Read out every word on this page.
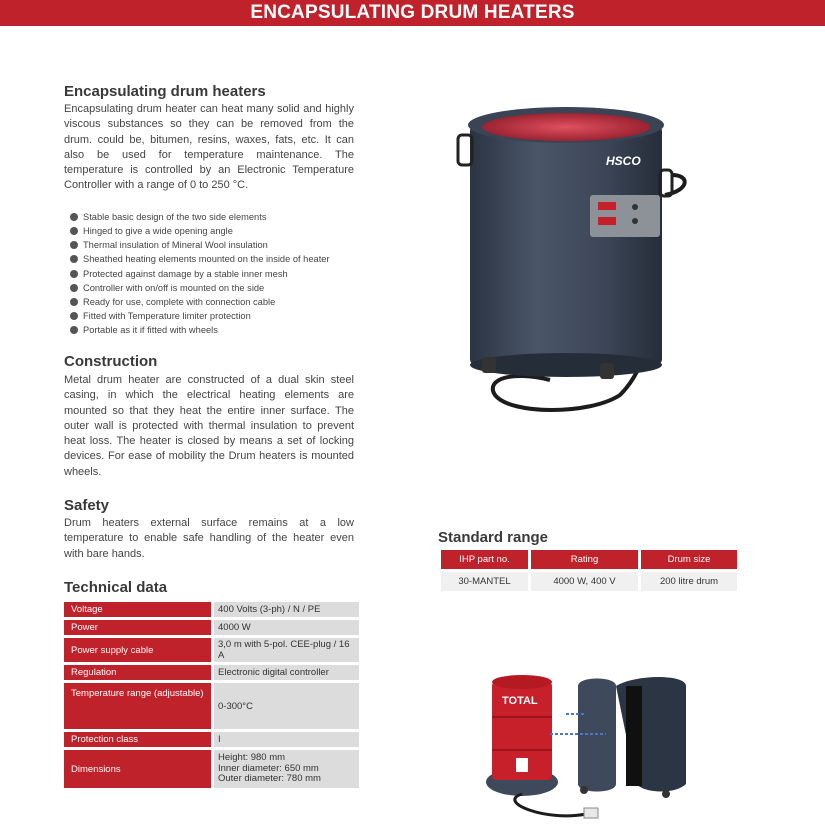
ENCAPSULATING DRUM HEATERS
Encapsulating drum heaters

Encapsulating drum heater can heat many solid and highly viscous substances so they can be removed from the drum. could be, bitumen, resins, waxes, fats, etc. It can also be used for temperature maintenance. The temperature is controlled by an Electronic Temperature Controller with a range of 0 to 250 °C.

Stable basic design of the two side elements
Hinged to give a wide opening angle
Thermal insulation of Mineral Wool insulation
Sheathed heating elements mounted on the inside of heater
Protected against damage by a stable inner mesh
Controller with on/off is mounted on the side
Ready for use, complete with connection cable
Fitted with Temperature limiter protection
Portable as it if fitted with wheels
Construction

Metal drum heater are constructed of a dual skin steel casing, in which the electrical heating elements are mounted so that they heat the entire inner surface. The outer wall is protected with thermal insulation to prevent heat loss. The heater is closed by means a set of locking devices. For ease of mobility the Drum heaters is mounted wheels.

Safety

Drum heaters external surface remains at a low temperature to enable safe handling of the heater even with bare hands.

Technical data
Voltage	400 Volts (3-ph) / N / PE
Power	4000 W
Power supply cable	3,0 m with 5-pol. CEE-plug / 16 A
Regulation	Electronic digital controller
Temperature range (adjustable)	0-300°C
Protection class	I
Dimensions	Height: 980 mm
Inner diameter: 650 mm
Outer diameter: 780 mm
Standard range
IHP part no.	Rating	Drum size
30-MANTEL	4000 W, 400 V	200 litre drum
HSCO
TOTAL
